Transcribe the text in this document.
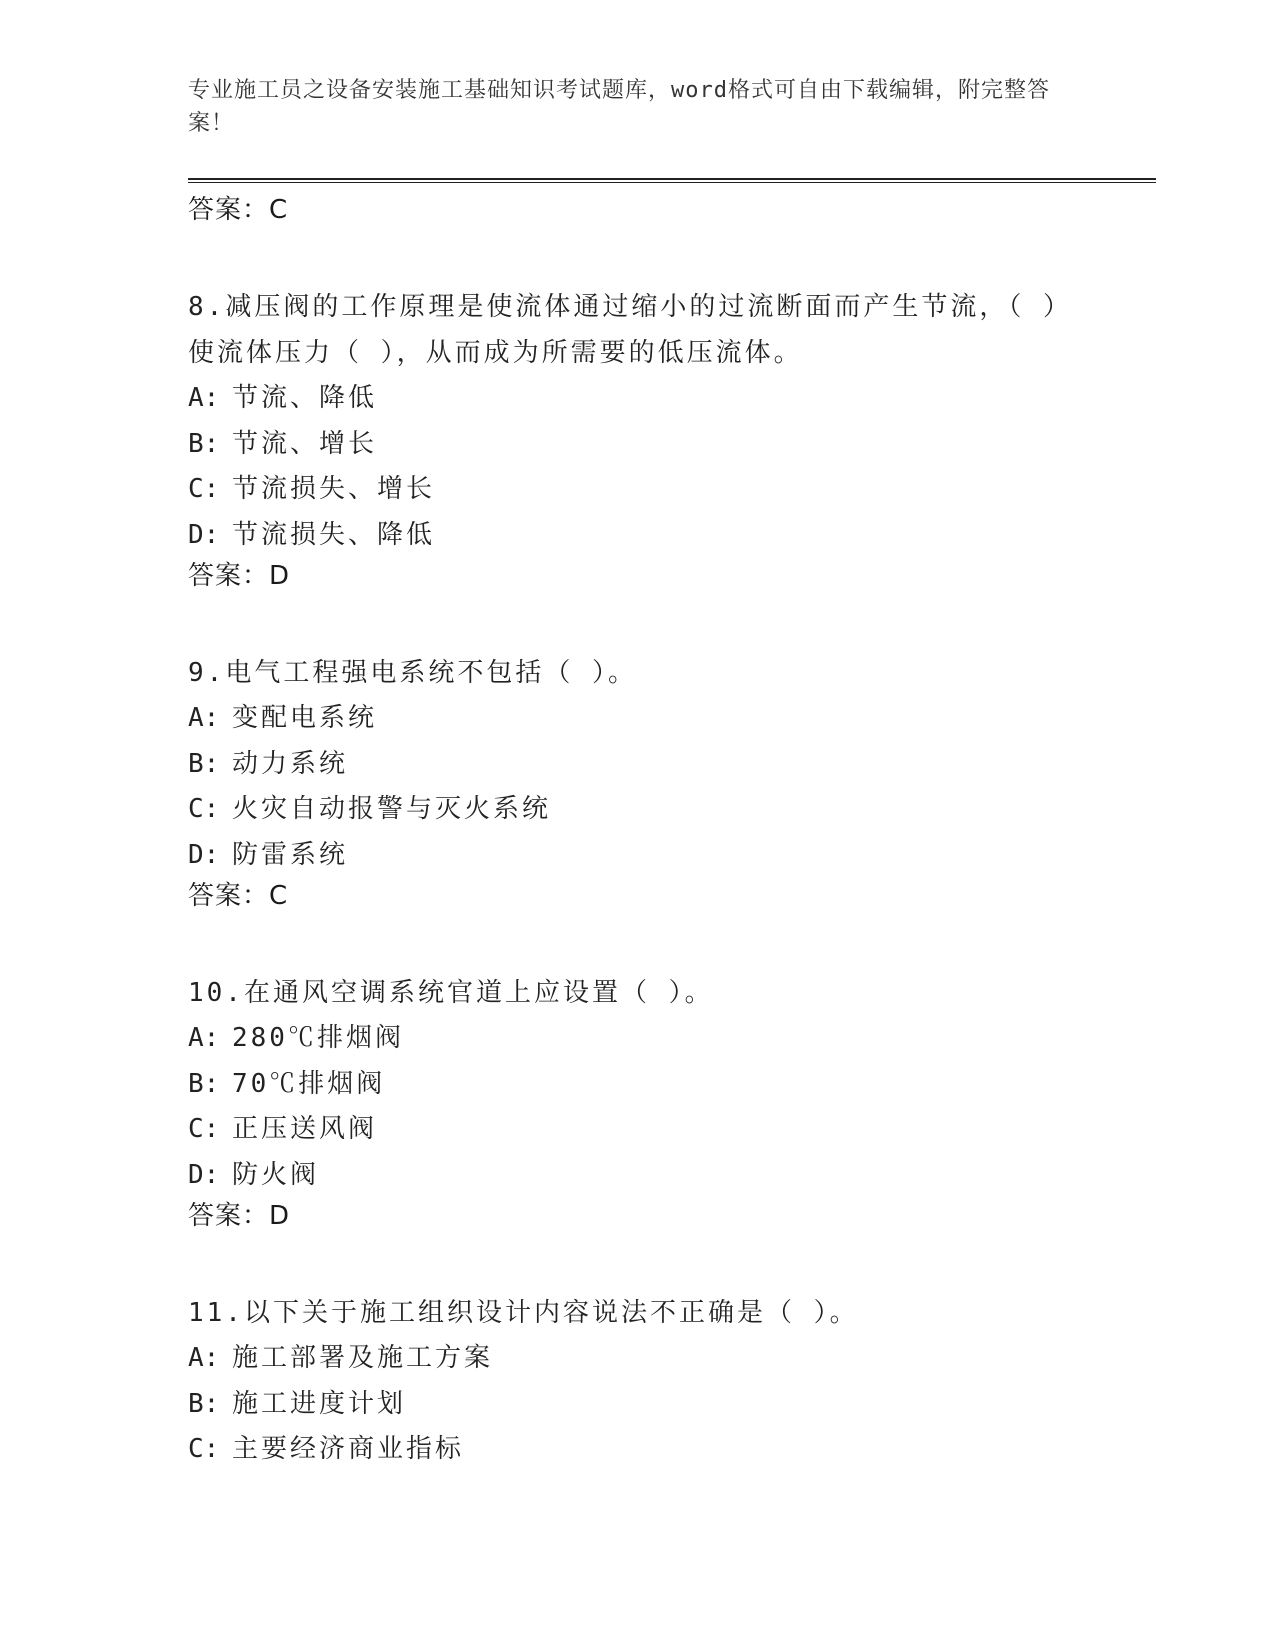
专业施工员之设备安装施工基础知识考试题库，word格式可自由下载编辑，附完整答案！

答案：C

8.减压阀的工作原理是使流体通过缩小的过流断面而产生节流，（ ）使流体压力（ ），从而成为所需要的低压流体。

A: 节流、降低

B: 节流、增长

C: 节流损失、增长

D: 节流损失、降低

答案：D

9.电气工程强电系统不包括（ ）。

A: 变配电系统

B: 动力系统

C: 火灾自动报警与灭火系统

D: 防雷系统

答案：C

10.在通风空调系统官道上应设置（ ）。

A: 280℃排烟阀

B: 70℃排烟阀

C: 正压送风阀

D: 防火阀

答案：D

11.以下关于施工组织设计内容说法不正确是（ ）。

A: 施工部署及施工方案

B: 施工进度计划

C: 主要经济商业指标
